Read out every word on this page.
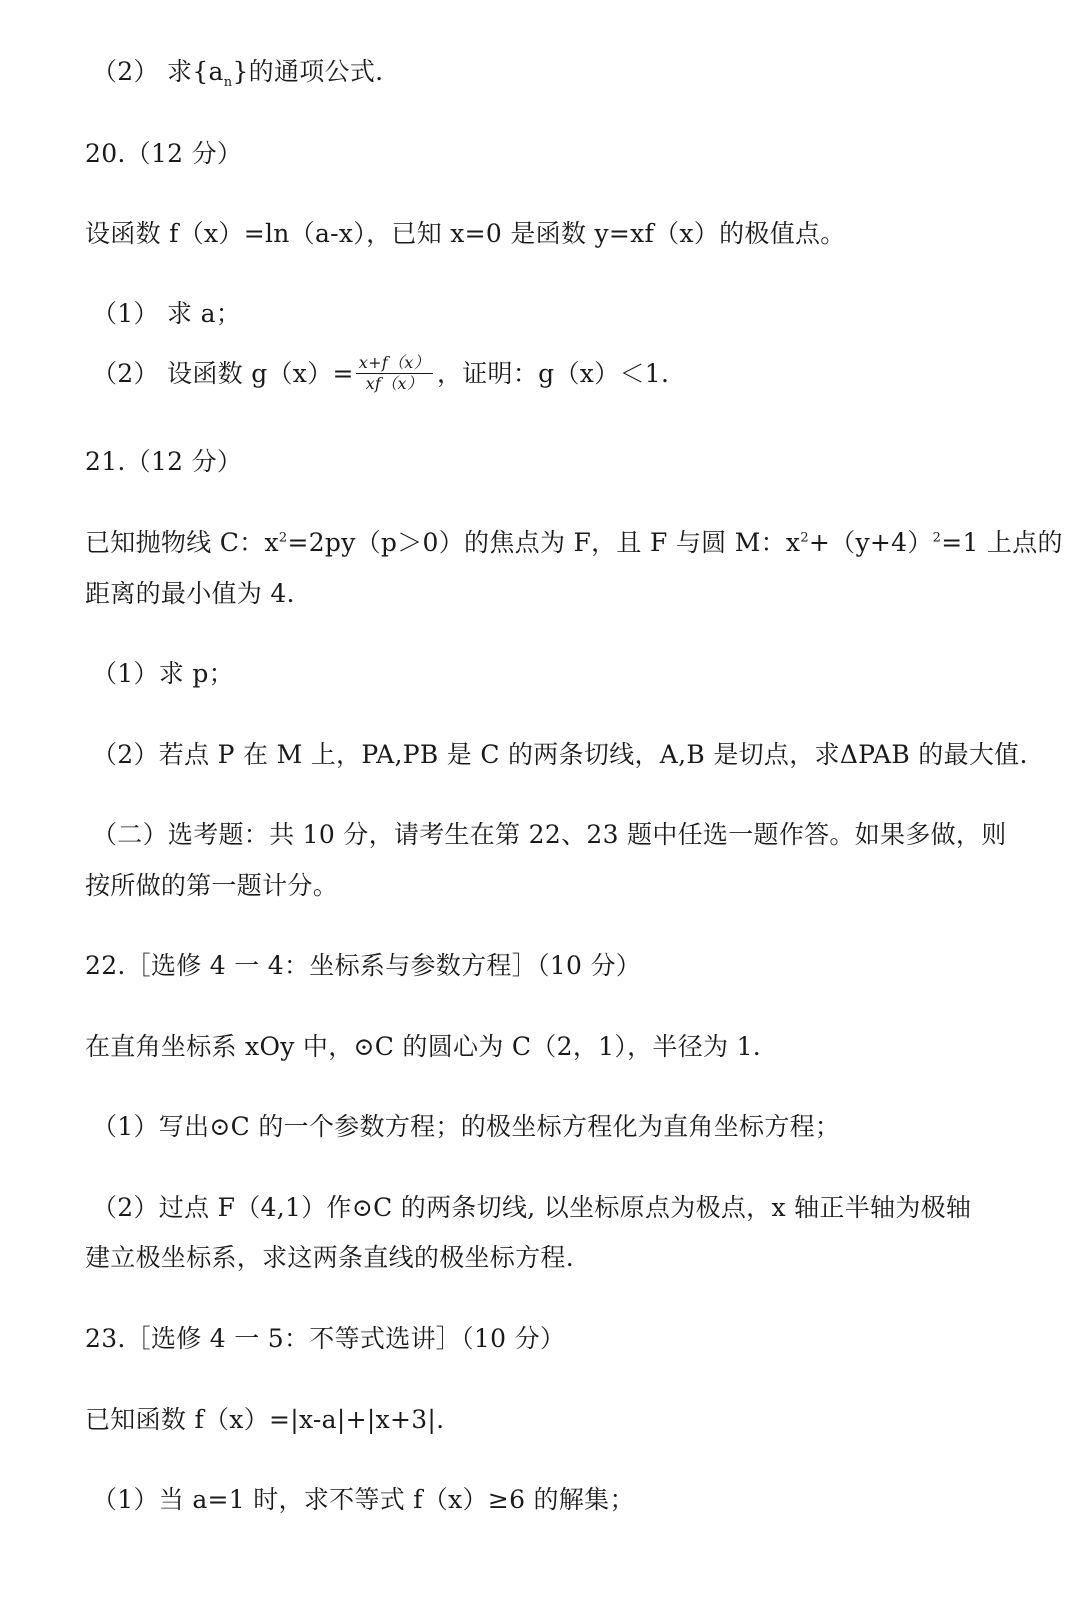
（2） 求$\{a_n\}$的通项公式.
20.（12 分）
设函数 f（x）=ln（a-x），已知 x=0 是函数 y=xf（x）的极值点。
（1） 求 a；
（2） 设函数 $g(x)= \frac{x+f(x)}{xf(x)}$ ，证明：g（x）＜1.
21.（12 分）
已知抛物线 C：$x^2=2py(p>0)$的焦点为 F，且 F 与圆 M：$x^2+(y+4)^2=1$ 上点的
距离的最小值为 4.
（1）求 p；
（2）若点 P 在 M 上，PA,PB 是 C 的两条切线，A,B 是切点，求ΔPAB 的最大值.
（二）选考题：共 10 分，请考生在第 22、23 题中任选一题作答。如果多做，则
按所做的第一题计分。
22.［选修 4 一 4：坐标系与参数方程］（10 分）
在直角坐标系 xOy 中，⊙C 的圆心为 C（2，1），半径为 1.
（1）写出⊙C 的一个参数方程；的极坐标方程化为直角坐标方程；
（2）过点 F（4,1）作⊙C 的两条切线, 以坐标原点为极点，x 轴正半轴为极轴
建立极坐标系，求这两条直线的极坐标方程.
23.［选修 4 一 5：不等式选讲］（10 分）
已知函数 f（x）=|x-a|+|x+3|.
（1）当 a=1 时，求不等式 f（x）≥6 的解集；
